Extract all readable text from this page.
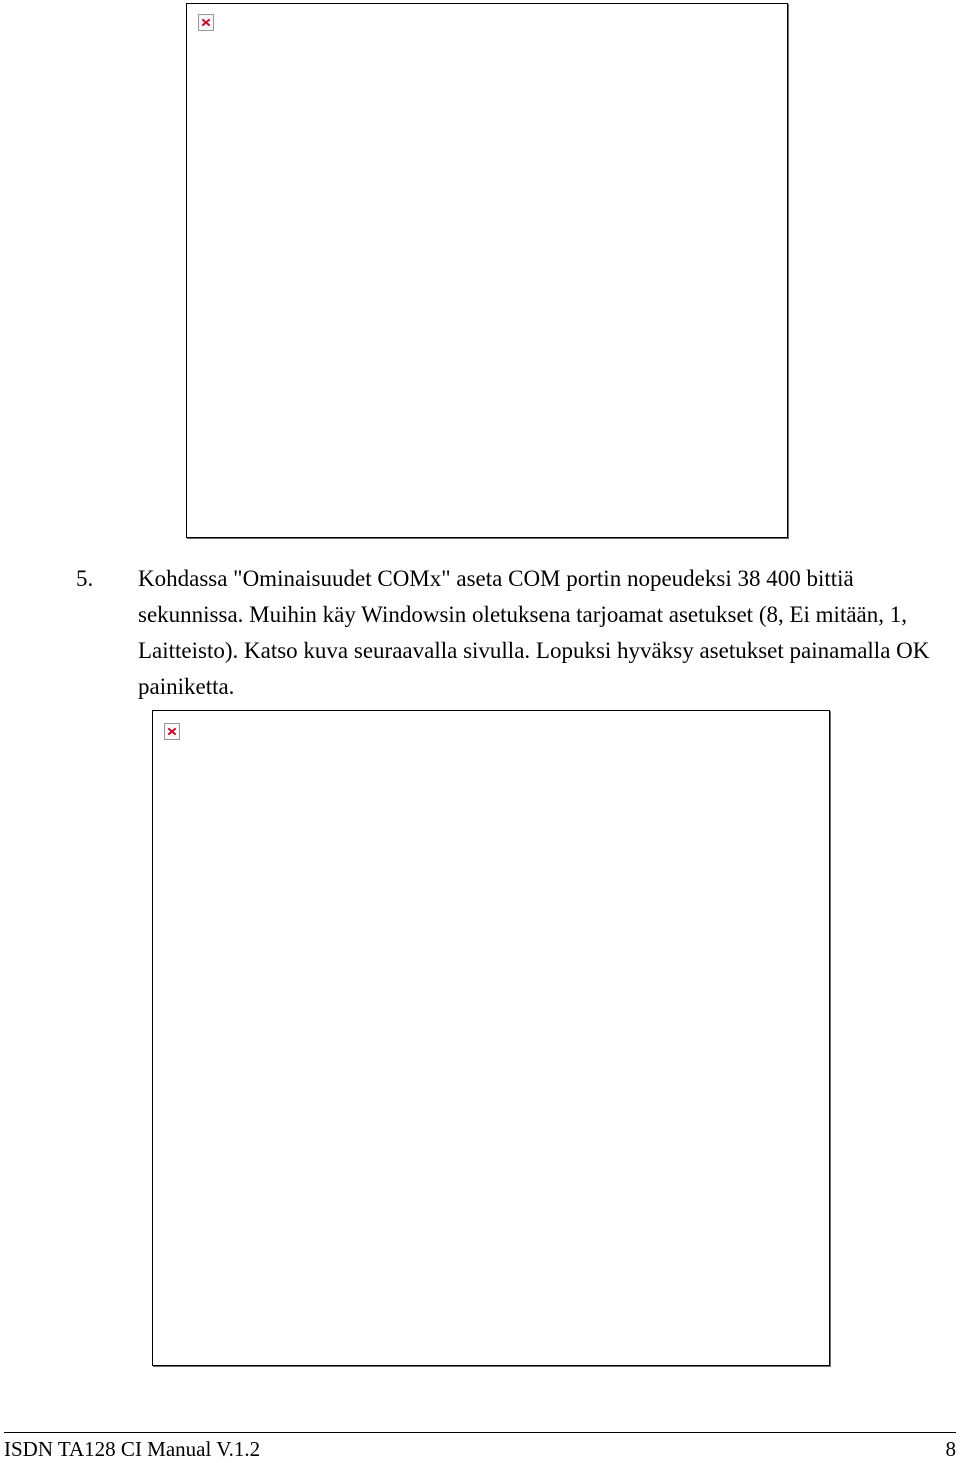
5. Kohdassa "Ominaisuudet COMx" aseta COM portin nopeudeksi 38 400 bittiä sekunnissa. Muihin käy Windowsin oletuksena tarjoamat asetukset (8, Ei mitään, 1, Laitteisto). Katso kuva seuraavalla sivulla. Lopuksi hyväksy asetukset painamalla OK painiketta.

ISDN TA128 CI Manual V.1.2	8
